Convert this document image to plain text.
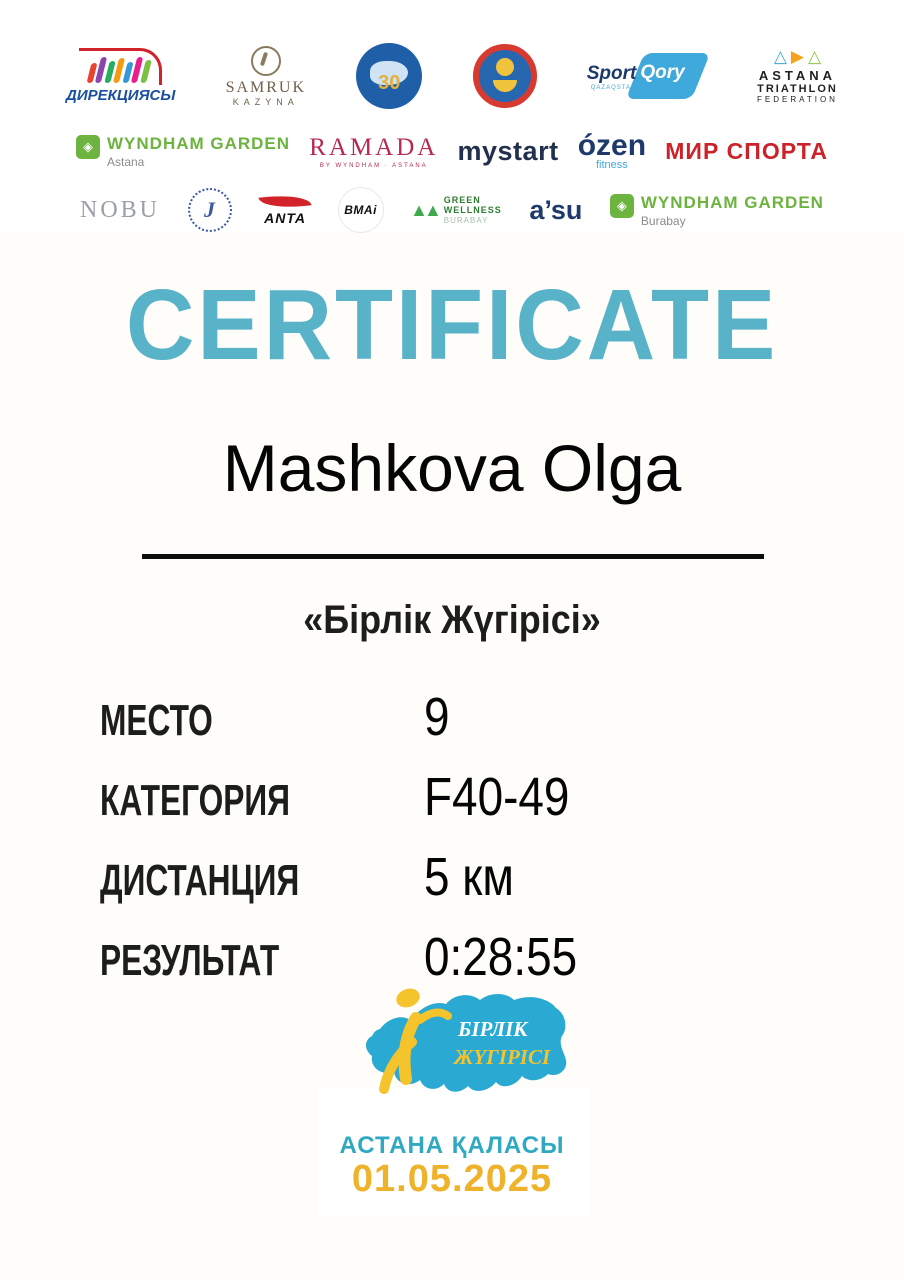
ДИРЕКЦИЯСЫ	SAMRUK
KAZYNA
30	Sport Qory
QAZAQSTAN
△ ▶ △
ASTANA
TRIATHLON
FEDERATION
◈ WYNDHAM GARDEN
Astana
RAMADA
BY WYNDHAM · ASTANA mystart ózen
fitness
МИР СПОРТА
NOBU	J	ANTA	BMAi	▲▲ GREEN
WELLNESS
BURABAY	a’su	◈ WYNDHAM GARDEN
Burabay
CERTIFICATE
Mashkova Olga
«Бірлік Жүгірісі»
МЕСТО	9
КАТЕГОРИЯ	F40-49
ДИСТАНЦИЯ	5 км
РЕЗУЛЬТАТ	0:28:55
БІРЛІК
ЖҮГІРІСІ
АСТАНА ҚАЛАСЫ
01.05.2025
